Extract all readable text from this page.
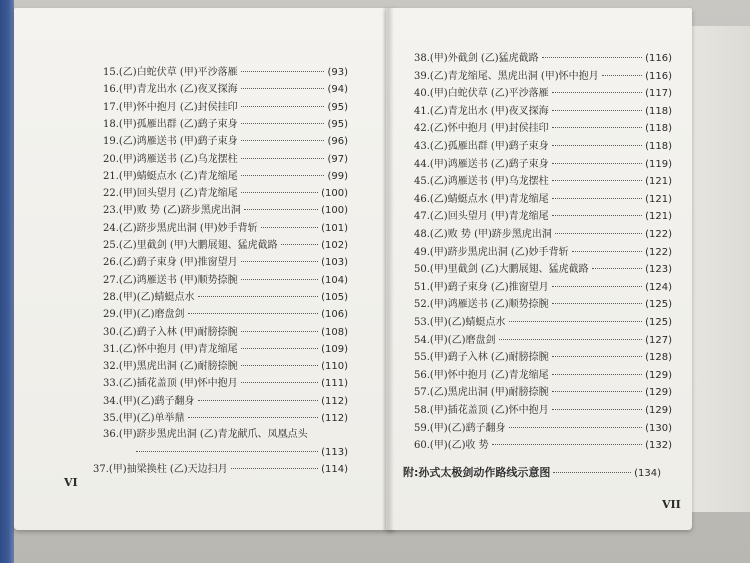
15.(乙)白蛇伏草 (甲)平沙落雁	(93)
16.(甲)青龙出水 (乙)夜叉探海	(94)
17.(甲)怀中抱月 (乙)封侯挂印	(95)
18.(甲)孤雁出群 (乙)鹞子束身	(95)
19.(乙)鸿雁送书 (甲)鹞子束身	(96)
20.(甲)鸿雁送书 (乙)乌龙摆柱	(97)
21.(甲)蜻蜓点水 (乙)青龙缩尾	(99)
22.(甲)回头望月 (乙)青龙缩尾	(100)
23.(甲)败 势 (乙)跻步黑虎出洞	(100)
24.(乙)跻步黑虎出洞 (甲)妙手背斩	(101)
25.(乙)里截剑 (甲)大鹏展翅、猛虎截路	(102)
26.(乙)鹞子束身 (甲)推窗望月	(103)
27.(乙)鸿雁送书 (甲)顺势捺腕	(104)
28.(甲)(乙)蜻蜓点水	(105)
29.(甲)(乙)磨盘剑	(106)
30.(乙)鹞子入林 (甲)耐膀捺腕	(108)
31.(乙)怀中抱月 (甲)青龙缩尾	(109)
32.(甲)黑虎出洞 (乙)耐膀捺腕	(110)
33.(乙)插花盖顶 (甲)怀中抱月	(111)
34.(甲)(乙)鹞子翻身	(112)
35.(甲)(乙)单举鼎	(112)
36.(甲)跻步黑虎出洞 (乙)青龙献爪、凤凰点头
(113)
37.(甲)抽梁换柱 (乙)天边扫月	(114)
VI
38.(甲)外截剑 (乙)猛虎截路	(116)
39.(乙)青龙缩尾、黑虎出洞 (甲)怀中抱月	(116)
40.(甲)白蛇伏草 (乙)平沙落雁	(117)
41.(乙)青龙出水 (甲)夜叉探海	(118)
42.(乙)怀中抱月 (甲)封侯挂印	(118)
43.(乙)孤雁出群 (甲)鹞子束身	(118)
44.(甲)鸿雁送书 (乙)鹞子束身	(119)
45.(乙)鸿雁送书 (甲)乌龙摆柱	(121)
46.(乙)蜻蜓点水 (甲)青龙缩尾	(121)
47.(乙)回头望月 (甲)青龙缩尾	(121)
48.(乙)败 势 (甲)跻步黑虎出洞	(122)
49.(甲)跻步黑虎出洞 (乙)妙手背斩	(122)
50.(甲)里截剑 (乙)大鹏展翅、猛虎截路	(123)
51.(甲)鹞子束身 (乙)推窗望月	(124)
52.(甲)鸿雁送书 (乙)顺势捺腕	(125)
53.(甲)(乙)蜻蜓点水	(125)
54.(甲)(乙)磨盘剑	(127)
55.(甲)鹞子入林 (乙)耐膀捺腕	(128)
56.(甲)怀中抱月 (乙)青龙缩尾	(129)
57.(乙)黑虎出洞 (甲)耐膀捺腕	(129)
58.(甲)插花盖顶 (乙)怀中抱月	(129)
59.(甲)(乙)鹞子翻身	(130)
60.(甲)(乙)收 势	(132)
附:孙式太极剑动作路线示意图	(134)
VII
